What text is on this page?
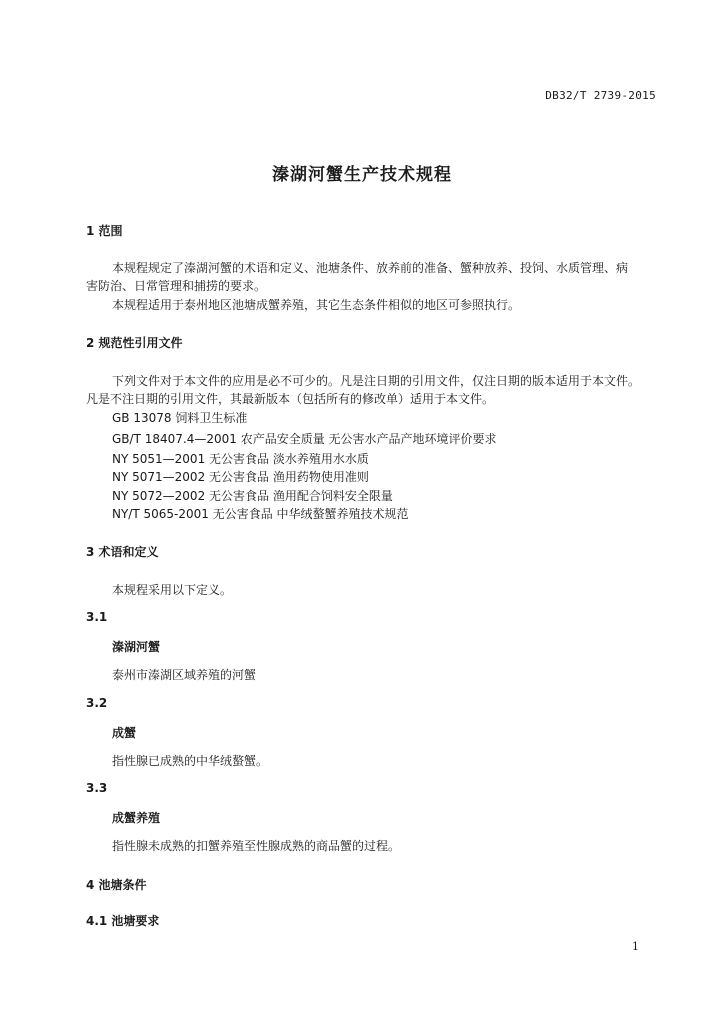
DB32/T 2739-2015
溱湖河蟹生产技术规程
1 范围
本规程规定了溱湖河蟹的术语和定义、池塘条件、放养前的准备、蟹种放养、投饲、水质管理、病
害防治、日常管理和捕捞的要求。
本规程适用于泰州地区池塘成蟹养殖，其它生态条件相似的地区可参照执行。
2 规范性引用文件
下列文件对于本文件的应用是必不可少的。凡是注日期的引用文件，仅注日期的版本适用于本文件。
凡是不注日期的引用文件，其最新版本（包括所有的修改单）适用于本文件。
GB 13078 饲料卫生标准
GB/T 18407.4—2001 农产品安全质量 无公害水产品产地环境评价要求
NY 5051—2001 无公害食品 淡水养殖用水水质
NY 5071—2002 无公害食品 渔用药物使用准则
NY 5072—2002 无公害食品 渔用配合饲料安全限量
NY/T 5065-2001 无公害食品 中华绒螯蟹养殖技术规范
3 术语和定义
本规程采用以下定义。
3.1
溱湖河蟹
泰州市溱湖区域养殖的河蟹
3.2
成蟹
指性腺已成熟的中华绒螯蟹。
3.3
成蟹养殖
指性腺未成熟的扣蟹养殖至性腺成熟的商品蟹的过程。
4 池塘条件
4.1 池塘要求
1
